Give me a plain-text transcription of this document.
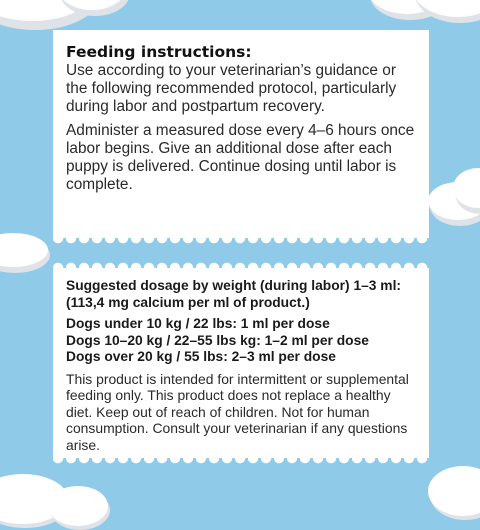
Feeding instructions:

Use according to your veterinarian’s guidance or the following recommended protocol, particularly during labor and postpartum recovery.

Administer a measured dose every 4–6 hours once labor begins. Give an additional dose after each puppy is delivered. Continue dosing until labor is complete.

Suggested dosage by weight (during labor) 1–3 ml:
(113,4 mg calcium per ml of product.)
Dogs under 10 kg / 22 lbs: 1 ml per dose
Dogs 10–20 kg / 22–55 lbs kg: 1–2 ml per dose
Dogs over 20 kg / 55 lbs: 2–3 ml per dose
This product is intended for intermittent or supplemental feeding only. This product does not replace a healthy diet. Keep out of reach of children. Not for human consumption. Consult your veterinarian if any questions arise.
